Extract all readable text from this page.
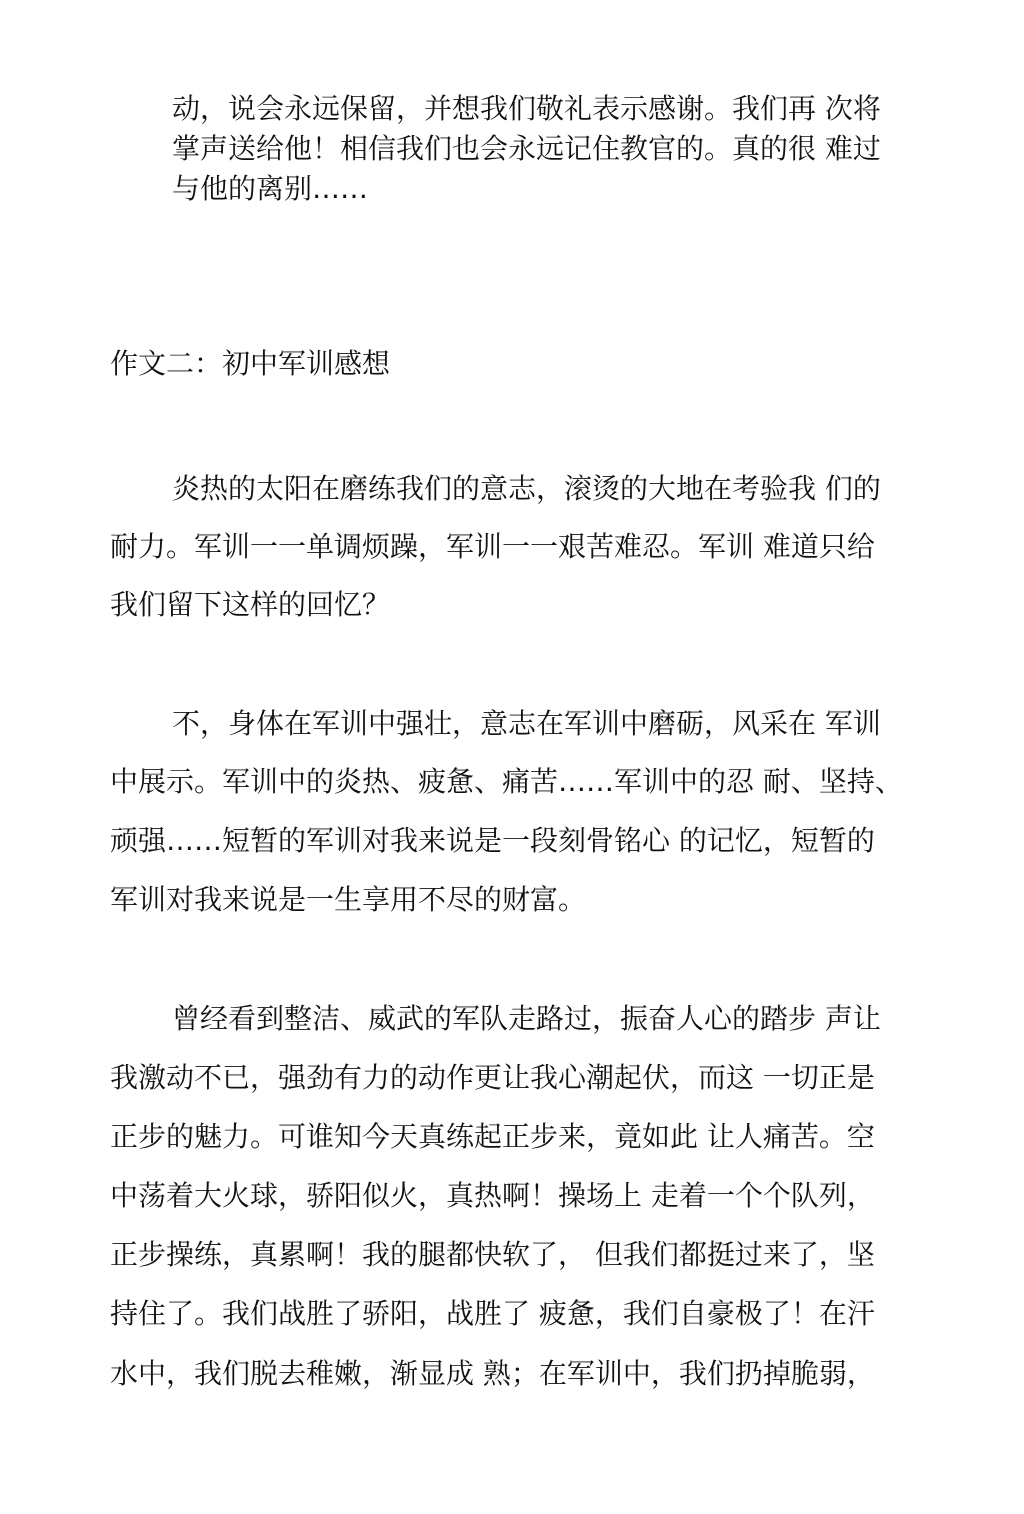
动，说会永远保留，并想我们敬礼表示感谢。我们再 次将
掌声送给他！相信我们也会永远记住教官的。真的很 难过
与他的离别……
作文二：初中军训感想
炎热的太阳在磨练我们的意志，滚烫的大地在考验我 们的
耐力。军训一一单调烦躁，军训一一艰苦难忍。军训 难道只给
我们留下这样的回忆？
不，身体在军训中强壮，意志在军训中磨砺，风采在 军训
中展示。军训中的炎热、疲惫、痛苦……军训中的忍 耐、坚持、
顽强……短暂的军训对我来说是一段刻骨铭心 的记忆，短暂的
军训对我来说是一生享用不尽的财富。
曾经看到整洁、威武的军队走路过，振奋人心的踏步 声让
我激动不已，强劲有力的动作更让我心潮起伏，而这 一切正是
正步的魅力。可谁知今天真练起正步来，竟如此 让人痛苦。空
中荡着大火球，骄阳似火，真热啊！操场上 走着一个个队列，
正步操练，真累啊！我的腿都快软了， 但我们都挺过来了，坚
持住了。我们战胜了骄阳，战胜了 疲惫，我们自豪极了！在汗
水中，我们脱去稚嫩，渐显成 熟；在军训中，我们扔掉脆弱，
